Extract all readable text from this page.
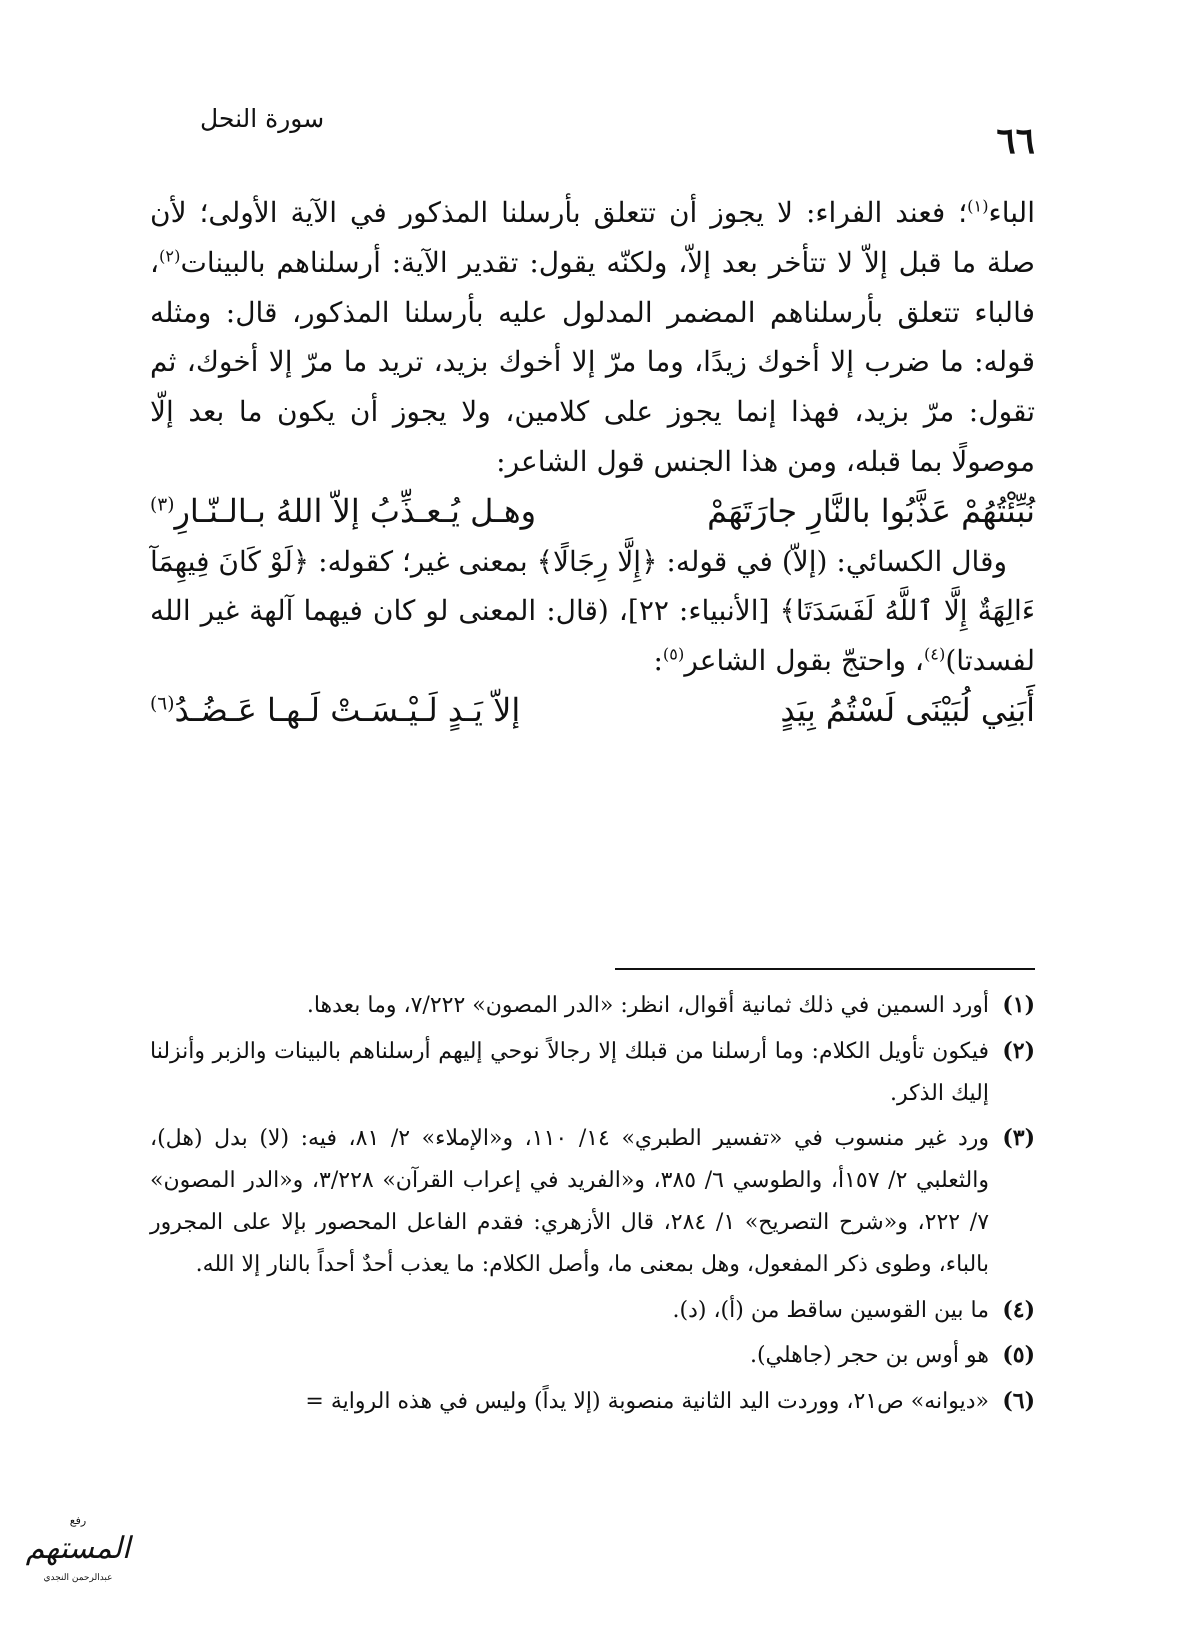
٦٦
سورة النحل

الباء$^{(١)}$؛ فعند الفراء: لا يجوز أن تتعلق بأرسلنا المذكور في الآية الأولى؛ لأن صلة ما قبل إلاّ لا تتأخر بعد إلاّ، ولكنّه يقول: تقدير الآية: أرسلناهم بالبينات$^{(٢)}$، فالباء تتعلق بأرسلناهم المضمر المدلول عليه بأرسلنا المذكور، قال: ومثله قوله: ما ضرب إلا أخوك زيدًا، وما مرّ إلا أخوك بزيد، تريد ما مرّ إلا أخوك، ثم تقول: مرّ بزيد، فهذا إنما يجوز على كلامين، ولا يجوز أن يكون ما بعد إلّا موصولًا بما قبله، ومن هذا الجنس قول الشاعر:

نُبِّئْتُهُمْ عَذَّبُوا بالنَّارِ جارَتَهَمْ
وهـل يُـعـذِّبُ إلاّ اللهُ بـالـنّـارِ$^{(٣)}$

وقال الكسائي: (إلاّ) في قوله: ﴿إِلَّا رِجَالًا﴾ بمعنى غير؛ كقوله: ﴿لَوْ كَانَ فِيهِمَآ ءَالِهَةٌ إِلَّا ٱللَّهُ لَفَسَدَتَا﴾ [الأنبياء: ٢٢]، (قال: المعنى لو كان فيهما آلهة غير الله لفسدتا)$^{(٤)}$، واحتجّ بقول الشاعر$^{(٥)}$:

أَبَنِي لُبَيْنَى لَسْتُمُ بِيَدٍ
إلاّ يَـدٍ لَـيْـسَـتْ لَـهـا عَـضُـدُ$^{(٦)}$
(١)
أورد السمين في ذلك ثمانية أقوال، انظر: «الدر المصون» ٧/٢٢٢، وما بعدها.
(٢)
فيكون تأويل الكلام: وما أرسلنا من قبلك إلا رجالاً نوحي إليهم أرسلناهم بالبينات والزبر وأنزلنا إليك الذكر.
(٣)
ورد غير منسوب في «تفسير الطبري» ١٤/ ١١٠، و«الإملاء» ٢/ ٨١، فيه: (لا) بدل (هل)، والثعلبي ٢/ ١٥٧أ، والطوسي ٦/ ٣٨٥، و«الفريد في إعراب القرآن» ٣/٢٢٨، و«الدر المصون» ٧/ ٢٢٢، و«شرح التصريح» ١/ ٢٨٤، قال الأزهري: فقدم الفاعل المحصور بإلا على المجرور بالباء، وطوى ذكر المفعول، وهل بمعنى ما، وأصل الكلام: ما يعذب أحدٌ أحداً بالنار إلا الله.
(٤)
ما بين القوسين ساقط من (أ)، (د).
(٥)
هو أوس بن حجر (جاهلي).
(٦)
«ديوانه» ص٢١، ووردت اليد الثانية منصوبة (إلا يداً) وليس في هذه الرواية =
رفع
المستهم
عبدالرحمن النجدي
